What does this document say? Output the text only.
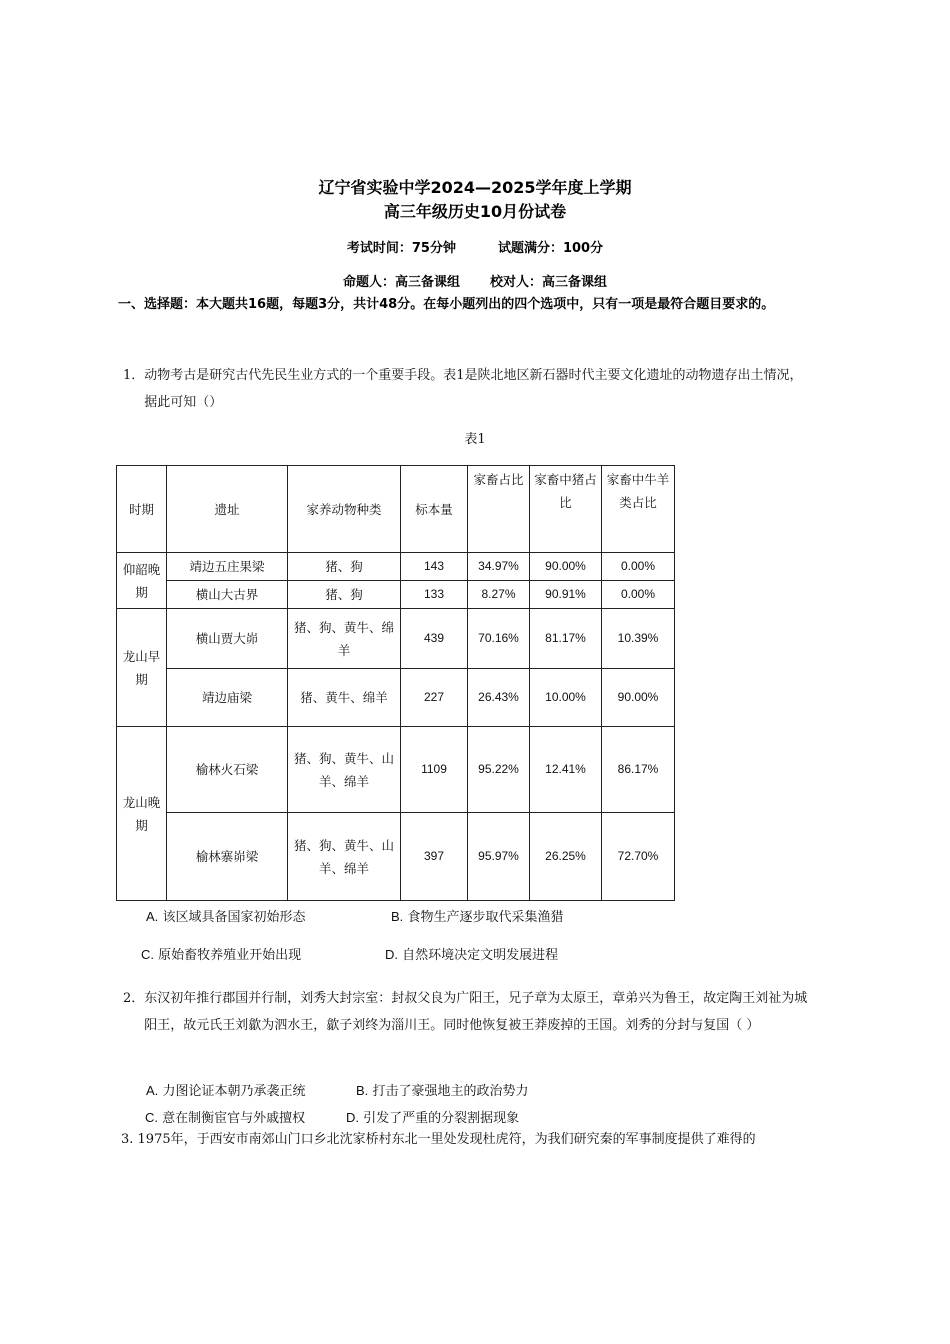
辽宁省实验中学2024—2025学年度上学期
高三年级历史10月份试卷
考试时间：75分钟	试题满分：100分
命题人：高三备课组 校对人：高三备课组
一、选择题：本大题共16题，每题3分，共计48分。在每小题列出的四个选项中，只有一项是最符合题目要求的。
1． 动物考古是研究古代先民生业方式的一个重要手段。表1是陕北地区新石器时代主要文化遗址的动物遗存出土情况，据此可知（）
表1
时期	遗址	家养动物种类	标本量	家畜占比	家畜中猪占比	家畜中牛羊类占比
仰韶晚期	靖边五庄果梁	猪、狗	143	34.97%	90.00%	0.00%
	横山大古界	猪、狗	133	8.27%	90.91%	0.00%
龙山早期	横山贾大峁	猪、狗、黄牛、绵羊	439	70.16%	81.17%	10.39%
	靖边庙梁	猪、黄牛、绵羊	227	26.43%	10.00%	90.00%
龙山晚期	榆林火石梁	猪、狗、黄牛、山羊、绵羊	1109	95.22%	12.41%	86.17%
	榆林寨峁梁	猪、狗、黄牛、山羊、绵羊	397	95.97%	26.25%	72.70%
A. 该区域具备国家初始形态	B. 食物生产逐步取代采集渔猎
C. 原始畜牧养殖业开始出现	D. 自然环境决定文明发展进程
2． 东汉初年推行郡国并行制，刘秀大封宗室：封叔父良为广阳王，兄子章为太原王，章弟兴为鲁王，故定陶王刘祉为城阳王，故元氏王刘歙为泗水王，歙子刘终为淄川王。同时他恢复被王莽废掉的王国。刘秀的分封与复国（ ）
A. 力图论证本朝乃承袭正统	B. 打击了豪强地主的政治势力
C. 意在制衡宦官与外戚擅权	D. 引发了严重的分裂割据现象
3. 1975年，于西安市南郊山门口乡北沈家桥村东北一里处发现杜虎符，为我们研究秦的军事制度提供了难得的
